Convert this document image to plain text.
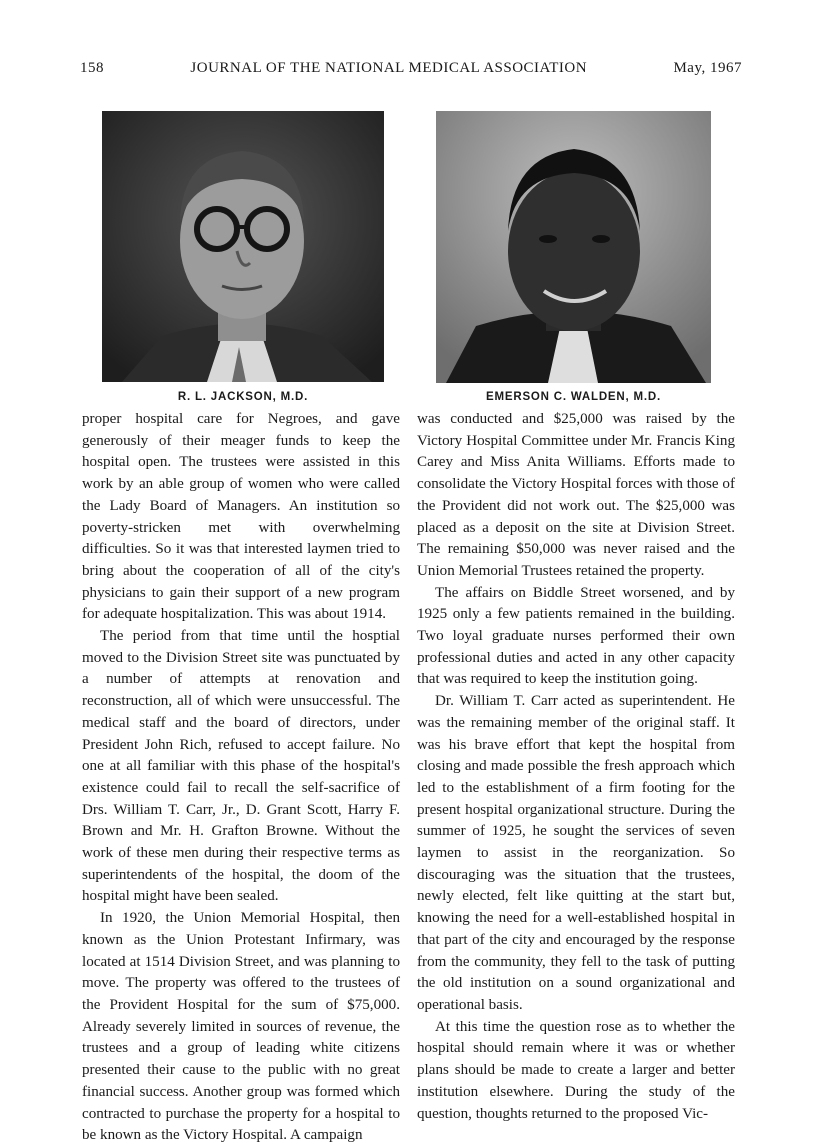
158	JOURNAL OF THE NATIONAL MEDICAL ASSOCIATION	May, 1967
R. L. JACKSON, M.D.	EMERSON C. WALDEN, M.D.

proper hospital care for Negroes, and gave generously of their meager funds to keep the hospital open. The trustees were assisted in this work by an able group of women who were called the Lady Board of Managers. An institution so poverty-stricken met with overwhelming difficulties. So it was that interested laymen tried to bring about the cooperation of all of the city's physicians to gain their support of a new program for adequate hospitalization. This was about 1914.

The period from that time until the hosptial moved to the Division Street site was punctuated by a number of attempts at renovation and reconstruction, all of which were unsuccessful. The medical staff and the board of directors, under President John Rich, refused to accept failure. No one at all familiar with this phase of the hospital's existence could fail to recall the self-sacrifice of Drs. William T. Carr, Jr., D. Grant Scott, Harry F. Brown and Mr. H. Grafton Browne. Without the work of these men during their respective terms as superintendents of the hospital, the doom of the hospital might have been sealed.

In 1920, the Union Memorial Hospital, then known as the Union Protestant Infirmary, was located at 1514 Division Street, and was planning to move. The property was offered to the trustees of the Provident Hospital for the sum of $75,000. Already severely limited in sources of revenue, the trustees and a group of leading white citizens presented their cause to the public with no great financial success. Another group was formed which contracted to purchase the property for a hospital to be known as the Victory Hospital. A campaign

was conducted and $25,000 was raised by the Victory Hospital Committee under Mr. Francis King Carey and Miss Anita Williams. Efforts made to consolidate the Victory Hospital forces with those of the Provident did not work out. The $25,000 was placed as a deposit on the site at Division Street. The remaining $50,000 was never raised and the Union Memorial Trustees retained the property.

The affairs on Biddle Street worsened, and by 1925 only a few patients remained in the building. Two loyal graduate nurses performed their own professional duties and acted in any other capacity that was required to keep the institution going.

Dr. William T. Carr acted as superintendent. He was the remaining member of the original staff. It was his brave effort that kept the hospital from closing and made possible the fresh approach which led to the establishment of a firm footing for the present hospital organizational structure. During the summer of 1925, he sought the services of seven laymen to assist in the reorganization. So discouraging was the situation that the trustees, newly elected, felt like quitting at the start but, knowing the need for a well-established hospital in that part of the city and encouraged by the response from the community, they fell to the task of putting the old institution on a sound organizational and operational basis.

At this time the question rose as to whether the hospital should remain where it was or whether plans should be made to create a larger and better institution elsewhere. During the study of the question, thoughts returned to the proposed Vic-
